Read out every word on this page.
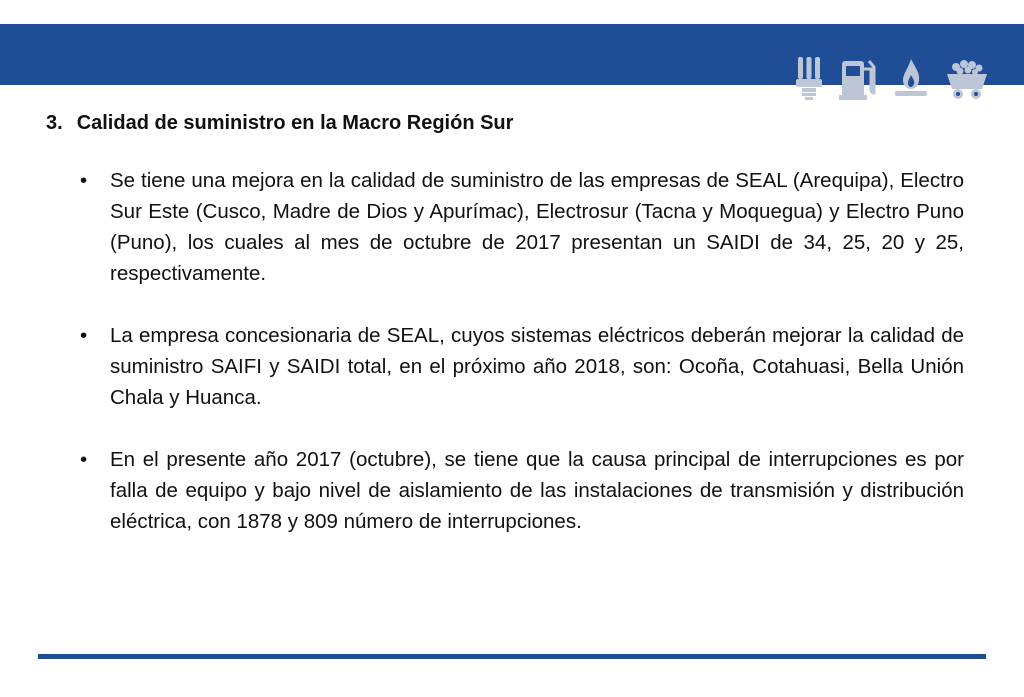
3. Calidad de suministro en la Macro Región Sur
•	Se tiene una mejora en la calidad de suministro de las empresas de SEAL (Arequipa), Electro Sur Este (Cusco, Madre de Dios y Apurímac), Electrosur (Tacna y Moquegua) y Electro Puno (Puno), los cuales al mes de octubre de 2017 presentan un SAIDI de 34, 25, 20 y 25, respectivamente.
•	La empresa concesionaria de SEAL, cuyos sistemas eléctricos deberán mejorar la calidad de suministro SAIFI y SAIDI total, en el próximo año 2018, son: Ocoña, Cotahuasi, Bella Unión Chala y Huanca.
•	En el presente año 2017 (octubre), se tiene que la causa principal de interrupciones es por falla de equipo y bajo nivel de aislamiento de las instalaciones de transmisión y distribución eléctrica, con 1878 y 809 número de interrupciones.
